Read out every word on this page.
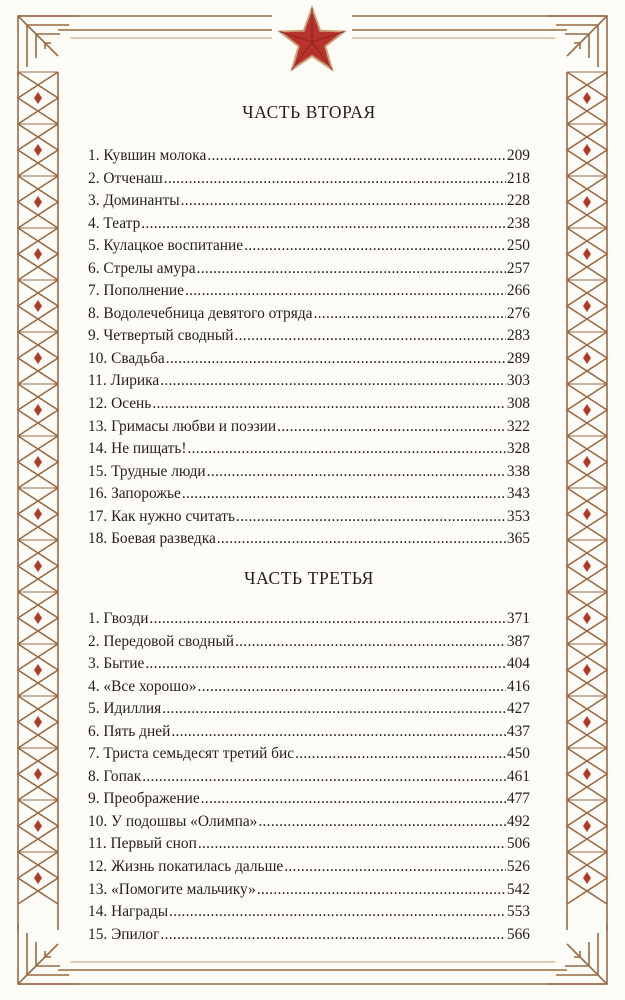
ЧАСТЬ ВТОРАЯ
1. Кувшин молока .....	209
2. Отченаш .....	218
3. Доминанты .....	228
4. Театр .....	238
5. Кулацкое воспитание .....	250
6. Стрелы амура .....	257
7. Пополнение .....	266
8. Водолечебница девятого отряда .....	276
9. Четвертый сводный .....	283
10. Свадьба .....	289
11. Лирика .....	303
12. Осень .....	308
13. Гримасы любви и поэзии .....	322
14. Не пищать! .....	328
15. Трудные люди .....	338
16. Запорожье .....	343
17. Как нужно считать .....	353
18. Боевая разведка .....	365
ЧАСТЬ ТРЕТЬЯ
1. Гвозди .....	371
2. Передовой сводный .....	387
3. Бытие .....	404
4. «Все хорошо» .....	416
5. Идиллия .....	427
6. Пять дней .....	437
7. Триста семьдесят третий бис .....	450
8. Гопак .....	461
9. Преображение .....	477
10. У подошвы «Олимпа» .....	492
11. Первый сноп .....	506
12. Жизнь покатилась дальше .....	526
13. «Помогите мальчику» .....	542
14. Награды .....	553
15. Эпилог .....	566
